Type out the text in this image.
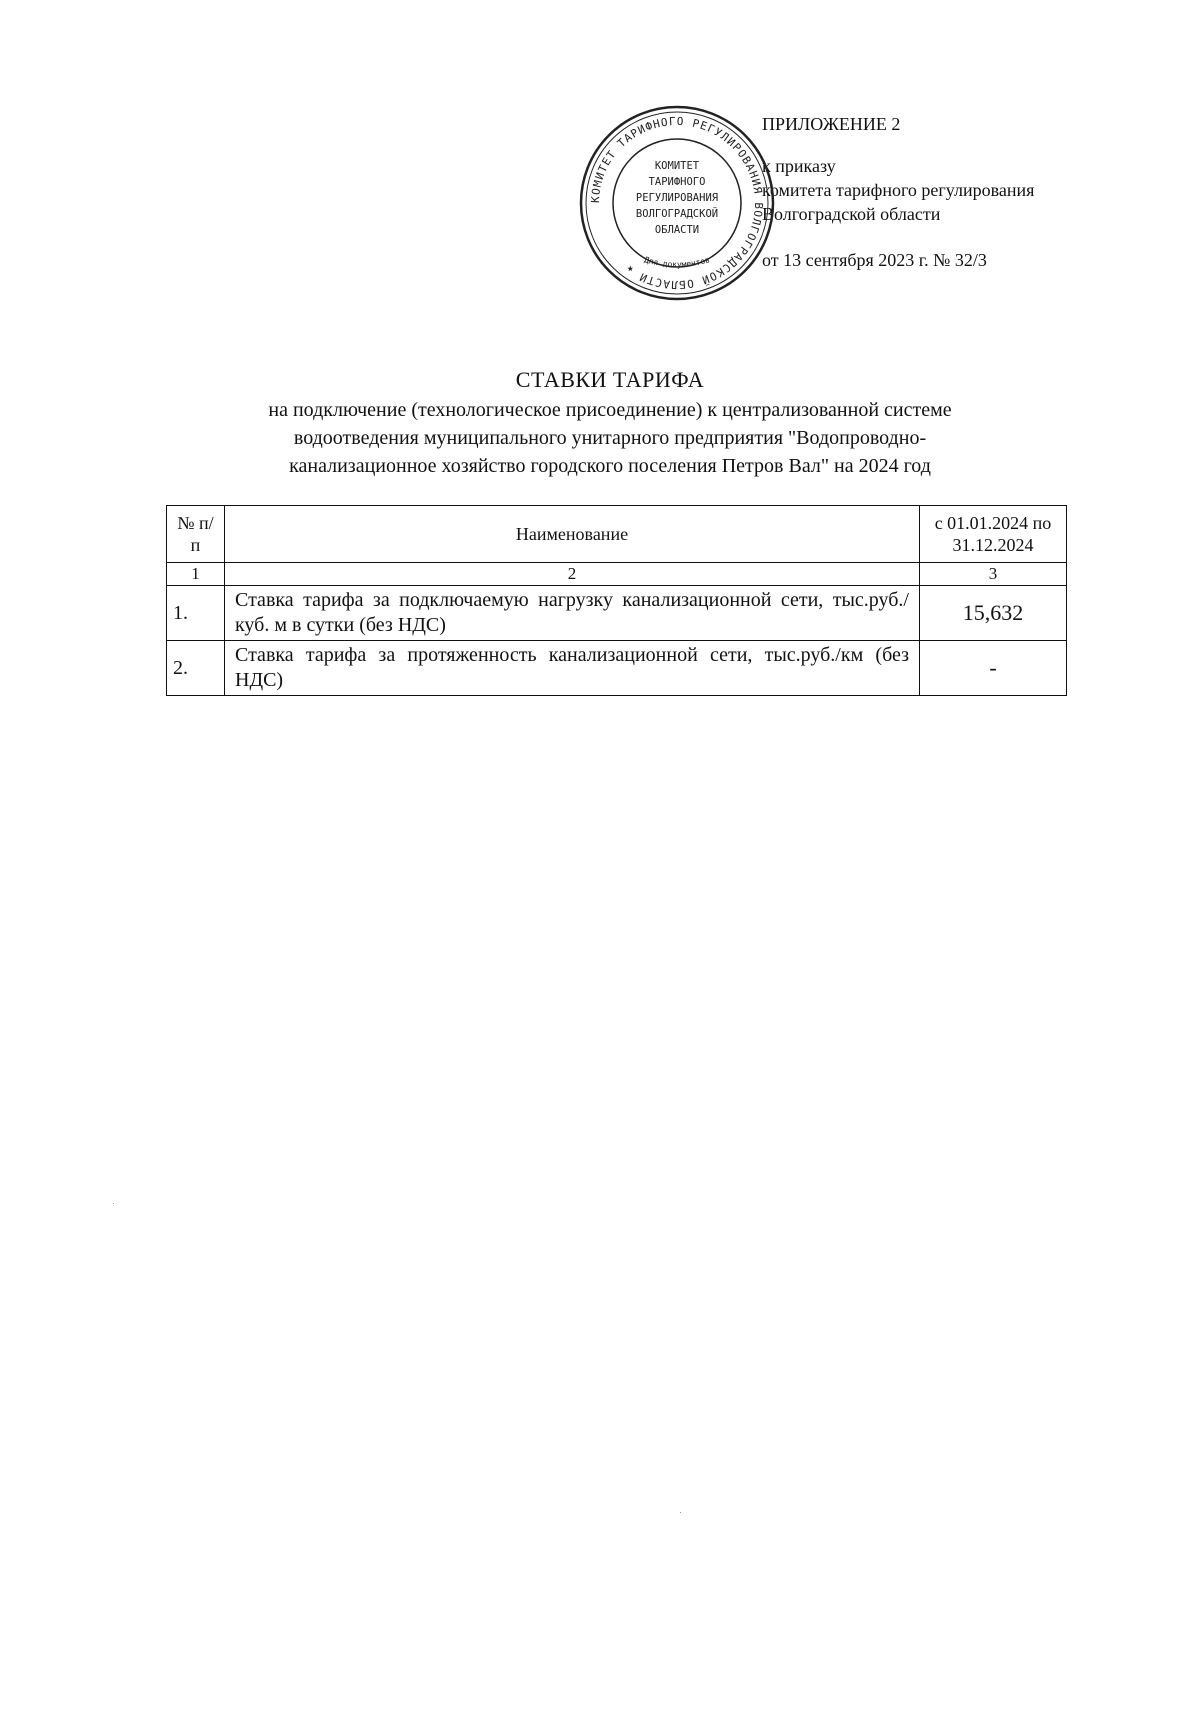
ПРИЛОЖЕНИЕ 2
к приказу
комитета тарифного регулирования
Волгоградской области
от 13 сентября 2023 г. № 32/3
КОМИТЕТ ТАРИФНОГО РЕГУЛИРОВАНИЯ ВОЛГОГРАДСКОЙ ОБЛАСТИ ★
КОМИТЕТ
ТАРИФНОГО
РЕГУЛИРОВАНИЯ
ВОЛГОГРАДСКОЙ
ОБЛАСТИ
Для документов
СТАВКИ ТАРИФА
на подключение (технологическое присоединение) к централизованной системе
водоотведения муниципального унитарного предприятия "Водопроводно-
канализационное хозяйство городского поселения Петров Вал" на 2024 год
№ п/п	Наименование	с 01.01.2024 по 31.12.2024
1	2	3
1.	Ставка тарифа за подключаемую нагрузку канализационной сети, тыс.руб./куб. м в сутки (без НДС)	15,632
2.	Ставка тарифа за протяженность канализационной сети, тыс.руб./км (без НДС)	-
